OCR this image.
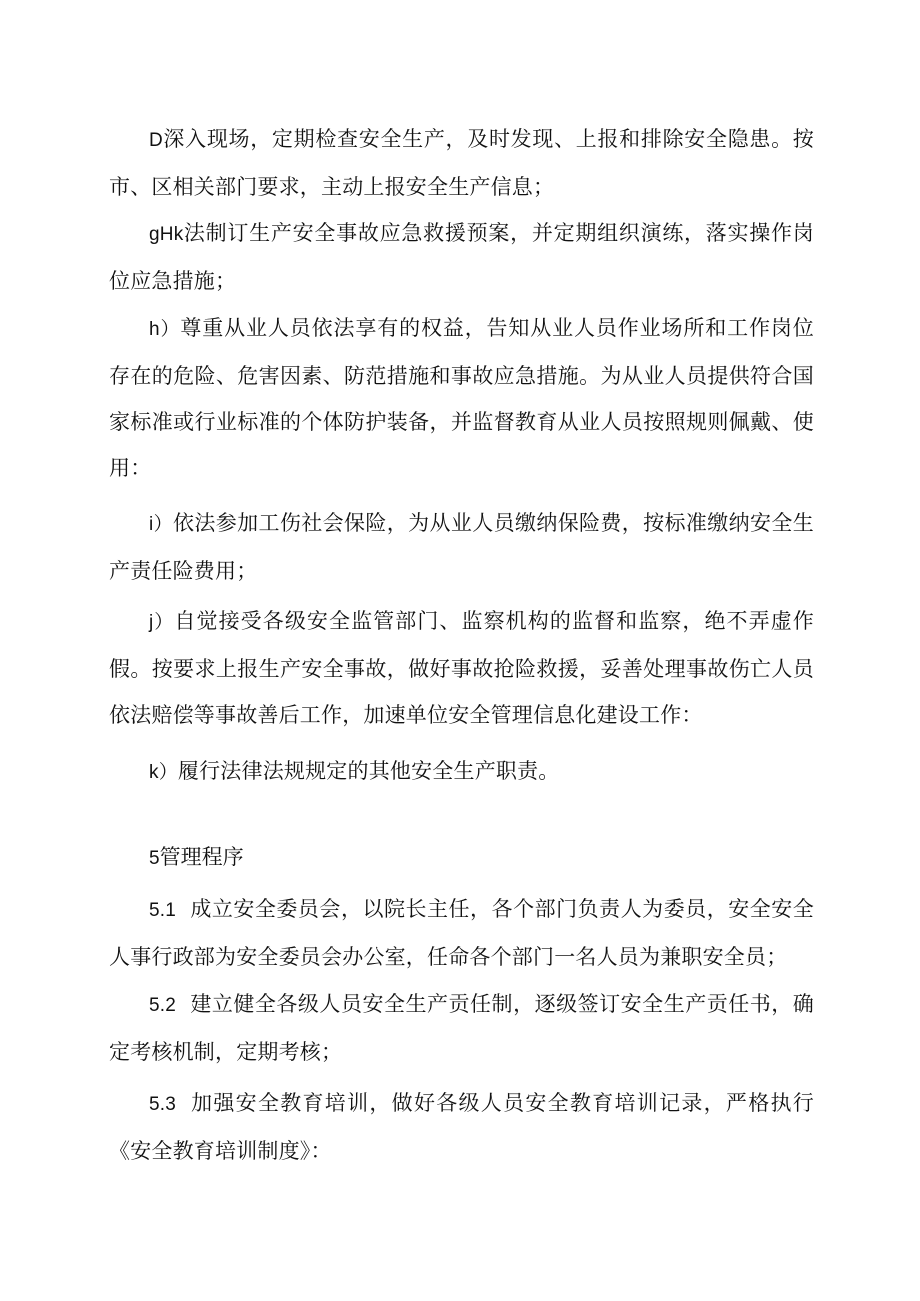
D深入现场，定期检查安全生产，及时发现、上报和排除安全隐患。按市、区相关部门要求，主动上报安全生产信息；

gHk法制订生产安全事故应急救援预案，并定期组织演练，落实操作岗位应急措施；

h）尊重从业人员依法享有的权益，告知从业人员作业场所和工作岗位存在的危险、危害因素、防范措施和事故应急措施。为从业人员提供符合国家标准或行业标准的个体防护装备，并监督教育从业人员按照规则佩戴、使用：

i）依法参加工伤社会保险，为从业人员缴纳保险费，按标准缴纳安全生产责任险费用；

j）自觉接受各级安全监管部门、监察机构的监督和监察，绝不弄虚作假。按要求上报生产安全事故，做好事故抢险救援，妥善处理事故伤亡人员依法赔偿等事故善后工作，加速单位安全管理信息化建设工作：

k）履行法律法规规定的其他安全生产职责。

5管理程序

5.1 成立安全委员会，以院长主任，各个部门负责人为委员，安全安全人事行政部为安全委员会办公室，任命各个部门一名人员为兼职安全员；

5.2 建立健全各级人员安全生产贡任制，逐级签订安全生产贡任书，确定考核机制，定期考核；

5.3 加强安全教育培训，做好各级人员安全教育培训记录，严格执行《安全教育培训制度》：
